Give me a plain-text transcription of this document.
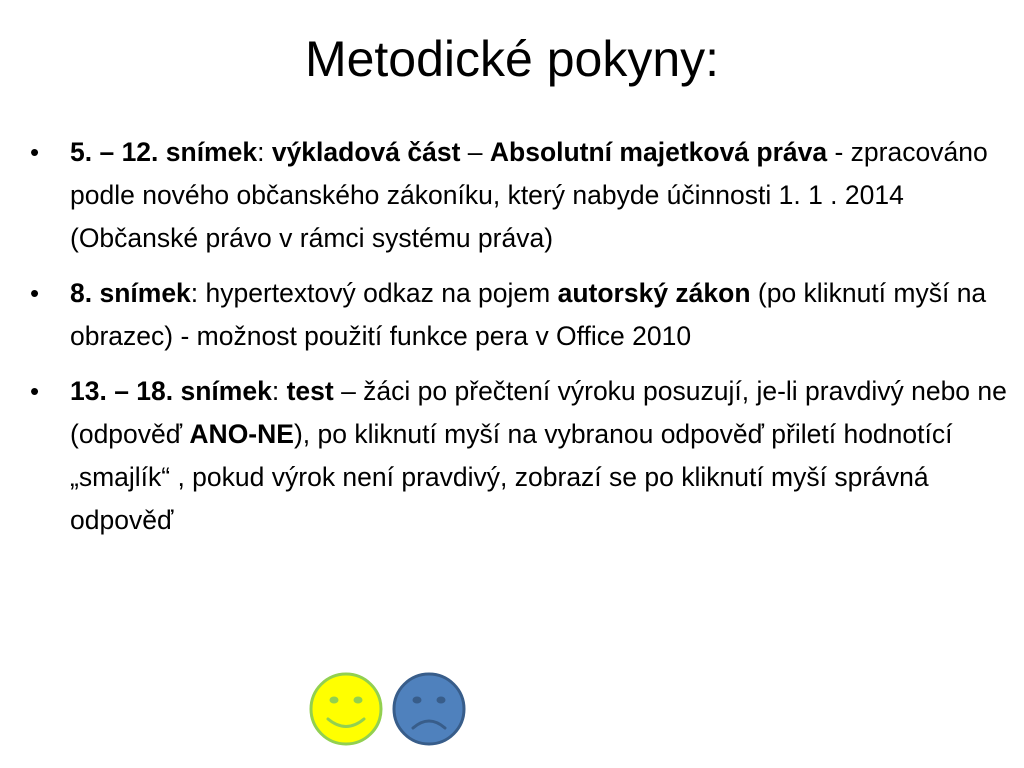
Metodické pokyny:
• 5. – 12. snímek: výkladová část – Absolutní majetková práva - zpracováno podle nového občanského zákoníku, který nabyde účinnosti 1. 1 . 2014 (Občanské právo v rámci systému práva)
• 8. snímek: hypertextový odkaz na pojem autorský zákon (po kliknutí myší na obrazec) - možnost použití funkce pera v Office 2010
• 13. – 18. snímek: test – žáci po přečtení výroku posuzují, je-li pravdivý nebo ne (odpověď ANO-NE), po kliknutí myší na vybranou odpověď přiletí hodnotící „smajlík“ , pokud výrok není pravdivý, zobrazí se po kliknutí myší správná odpověď
